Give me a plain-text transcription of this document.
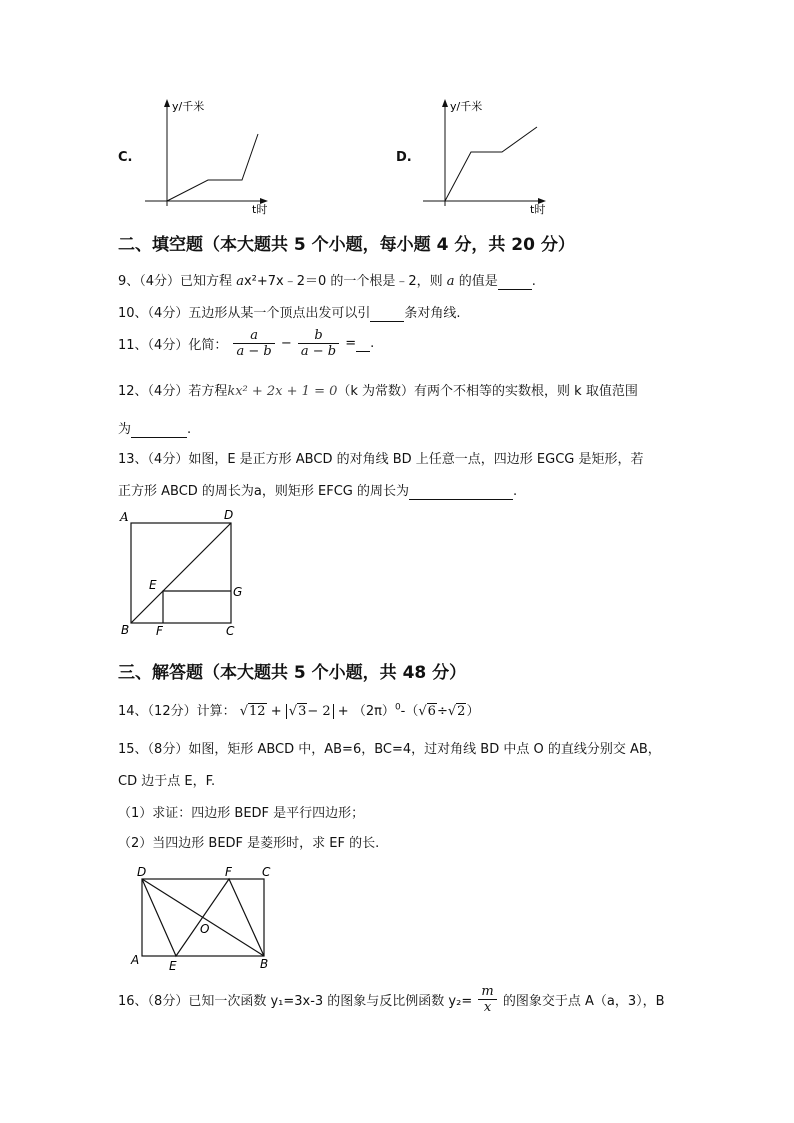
C.
y/千米
t时
D.
y/千米
t时
二、填空题（本大题共 5 个小题，每小题 4 分，共 20 分）
9、（4分）已知方程 ax²+7x﹣2＝0 的一个根是﹣2，则 a 的值是	.
10、（4分）五边形从某一个顶点出发可以引	条对角线.
11、（4分）化简： $\frac{a}{a - b} - \frac{b}{a - b}$ = .
12、（4分）若方程kx² + 2x + 1 = 0（k 为常数）有两个不相等的实数根，则 k 取值范围
为	.
13、（4分）如图，E 是正方形 ABCD 的对角线 BD 上任意一点，四边形 EGCG 是矩形，若
正方形 ABCD 的周长为a，则矩形 EFCG 的周长为	.
A	D
E	G
B F	C
三、解答题（本大题共 5 个小题，共 48 分）
14、（12分）计算： $√12 + √3- 2 + (2\pi)^0-(√6\div√2)$
15、（8分）如图，矩形 ABCD 中，AB=6，BC=4，过对角线 BD 中点 O 的直线分别交 AB，
CD 边于点 E，F.
（1）求证：四边形 BEDF 是平行四边形；
（2）当四边形 BEDF 是菱形时，求 EF 的长.
D	F	C
O
A E	B
16、（8分）已知一次函数 y₁=3x-3 的图象与反比例函数 $y_2= \frac{m}{x}$ 的图象交于点 A（a，3），B
